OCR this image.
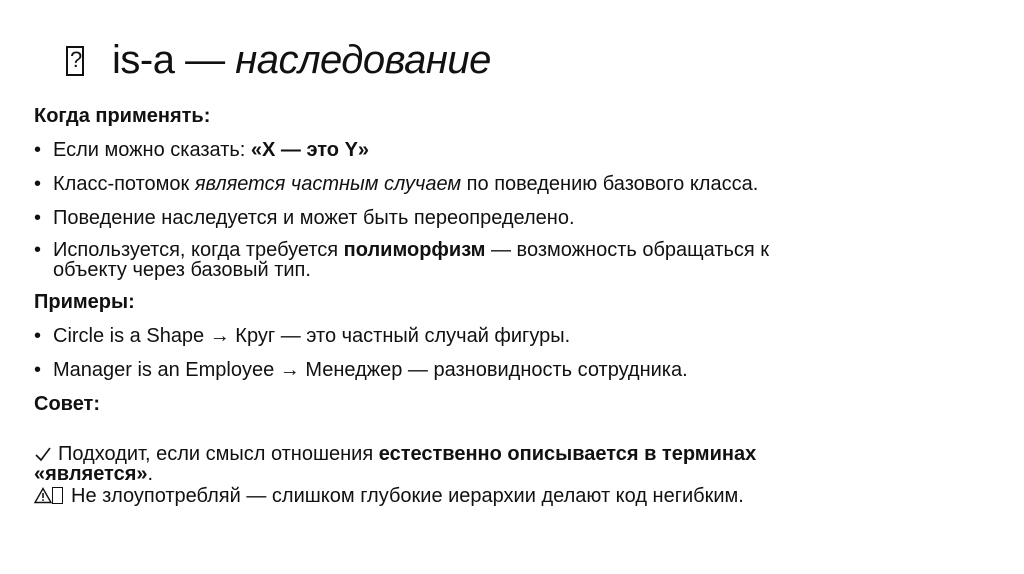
?is-a — наследование
Когда применять:
• Если можно сказать: «X — это Y»
• Класс-потомок является частным случаем по поведению базового класса.
• Поведение наследуется и может быть переопределено.
• Используется, когда требуется полиморфизм — возможность обращаться к
объекту через базовый тип.
Примеры:
• Circle is a Shape → Круг — это частный случай фигуры.
• Manager is an Employee → Менеджер — разновидность сотрудника.
Совет:
Подходит, если смысл отношения естественно описывается в терминах
«является».
Не злоупотребляй — слишком глубокие иерархии делают код негибким.
